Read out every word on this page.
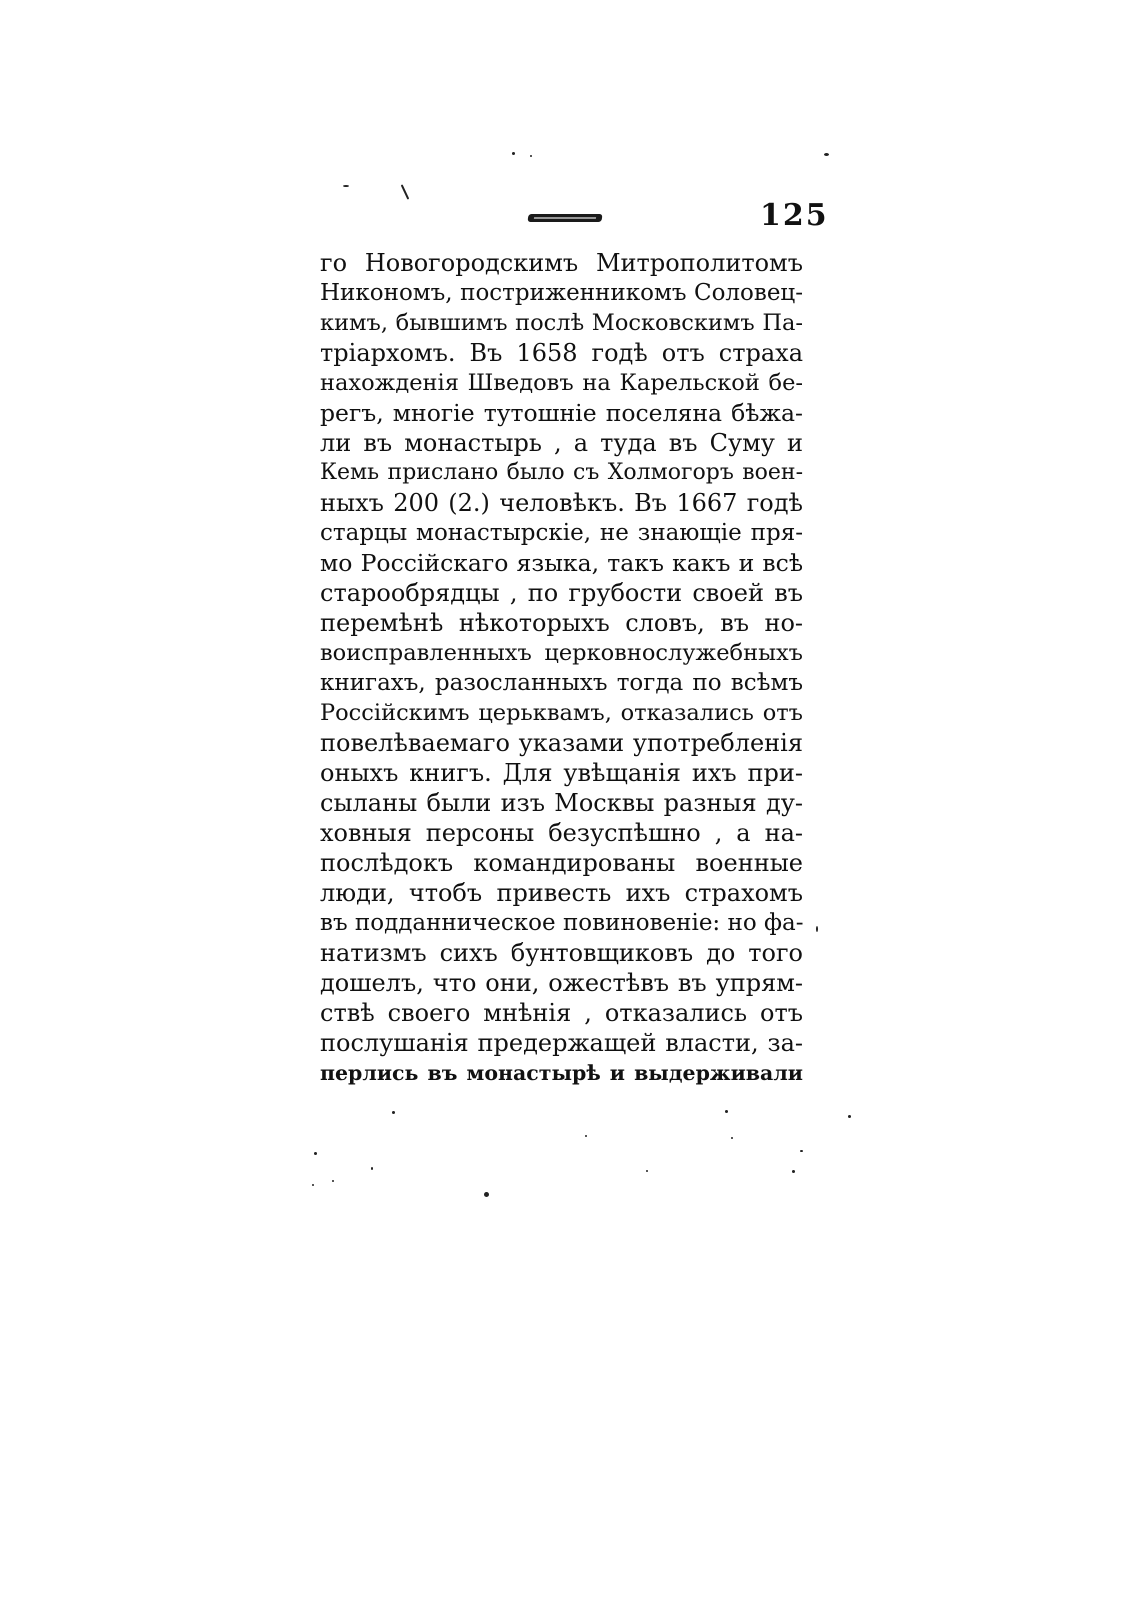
125
го Новогородскимъ Митрополитомъ
Никономъ, постриженникомъ Соловец-
кимъ, бывшимъ послѣ Московскимъ Па-
тріархомъ. Въ 1658 годѣ отъ страха
нахожденія Шведовъ на Карельской бе-
регъ, многіе тутошніе поселяна бѣжа-
ли въ монастырь , а туда въ Суму и
Кемь прислано было съ Холмогоръ воен-
ныхъ 200 (2.) человѣкъ. Въ 1667 годѣ
старцы монастырскіе, не знающіе пря-
мо Россійскаго языка, такъ какъ и всѣ
старообрядцы , по грубости своей въ
перемѣнѣ нѣкоторыхъ словъ, въ но-
воисправленныхъ церковнослужебныхъ
книгахъ, разосланныхъ тогда по всѣмъ
Россійскимъ церьквамъ, отказались отъ
повелѣваемаго указами употребленія
оныхъ книгъ. Для увѣщанія ихъ при-
сыланы были изъ Москвы разныя ду-
ховныя персоны безуспѣшно , а на-
послѣдокъ командированы военные
люди, чтобъ привесть ихъ страхомъ
въ подданническое повиновеніе: но фа-
натизмъ сихъ бунтовщиковъ до того
дошелъ, что они, ожестѣвъ въ упрям-
ствѣ своего мнѣнія , отказались отъ
послушанія предержащей власти, за-
перлись въ монастырѣ и выдерживали
